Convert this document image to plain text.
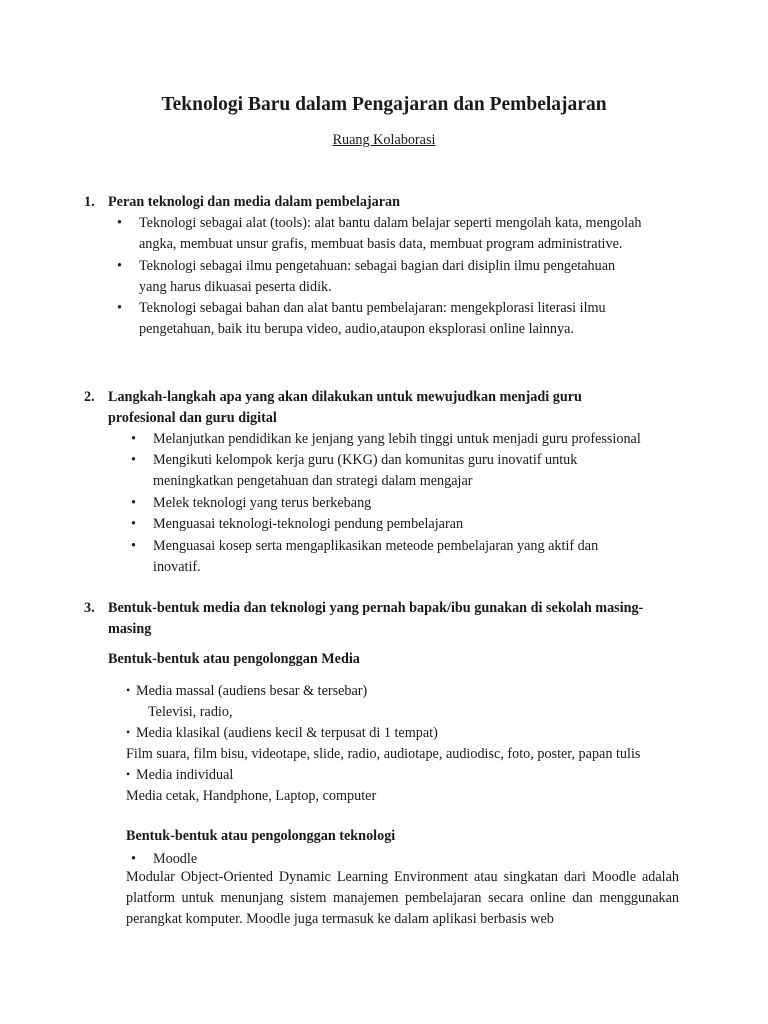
Teknologi Baru dalam Pengajaran dan Pembelajaran
Ruang Kolaborasi
1. Peran teknologi dan media dalam pembelajaran
• Teknologi sebagai alat (tools): alat bantu dalam belajar seperti mengolah kata, mengolah
angka, membuat unsur grafis, membuat basis data, membuat program administrative.
• Teknologi sebagai ilmu pengetahuan: sebagai bagian dari disiplin ilmu pengetahuan
yang harus dikuasai peserta didik.
• Teknologi sebagai bahan dan alat bantu pembelajaran: mengekplorasi literasi ilmu
pengetahuan, baik itu berupa video, audio,ataupon eksplorasi online lainnya.
2. Langkah-langkah apa yang akan dilakukan untuk mewujudkan menjadi guru
profesional dan guru digital
• Melanjutkan pendidikan ke jenjang yang lebih tinggi untuk menjadi guru professional
• Mengikuti kelompok kerja guru (KKG) dan komunitas guru inovatif untuk
meningkatkan pengetahuan dan strategi dalam mengajar
• Melek teknologi yang terus berkebang
• Menguasai teknologi-teknologi pendung pembelajaran
• Menguasai kosep serta mengaplikasikan meteode pembelajaran yang aktif dan
inovatif.
3. Bentuk-bentuk media dan teknologi yang pernah bapak/ibu gunakan di sekolah masing-
masing
Bentuk-bentuk atau pengolonggan Media
• Media massal (audiens besar & tersebar)
Televisi, radio,
• Media klasikal (audiens kecil & terpusat di 1 tempat)
Film suara, film bisu, videotape, slide, radio, audiotape, audiodisc, foto, poster, papan tulis
• Media individual
Media cetak, Handphone, Laptop, computer
Bentuk-bentuk atau pengolonggan teknologi
• Moodle
Modular Object-Oriented Dynamic Learning Environment atau singkatan dari Moodle adalah platform untuk menunjang sistem manajemen pembelajaran secara online dan menggunakan perangkat komputer. Moodle juga termasuk ke dalam aplikasi berbasis web
